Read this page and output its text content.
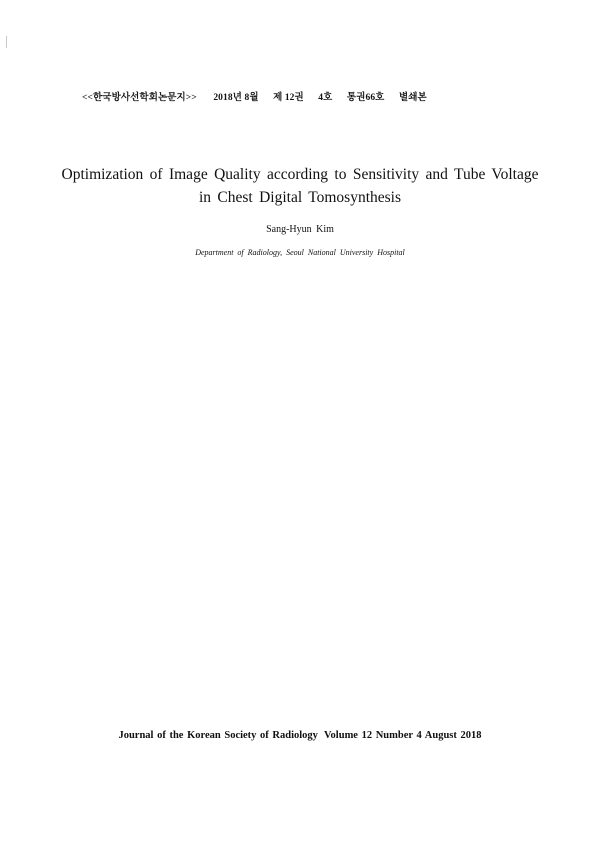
<<한국방사선학회논문지>> 2018년 8월 제 12권 4호 통권66호 별쇄본
Optimization of Image Quality according to Sensitivity and Tube Voltage
in Chest Digital Tomosynthesis
Sang-Hyun Kim
Department of Radiology, Seoul National University Hospital
Journal of the Korean Society of Radiology Volume 12 Number 4 August 2018
